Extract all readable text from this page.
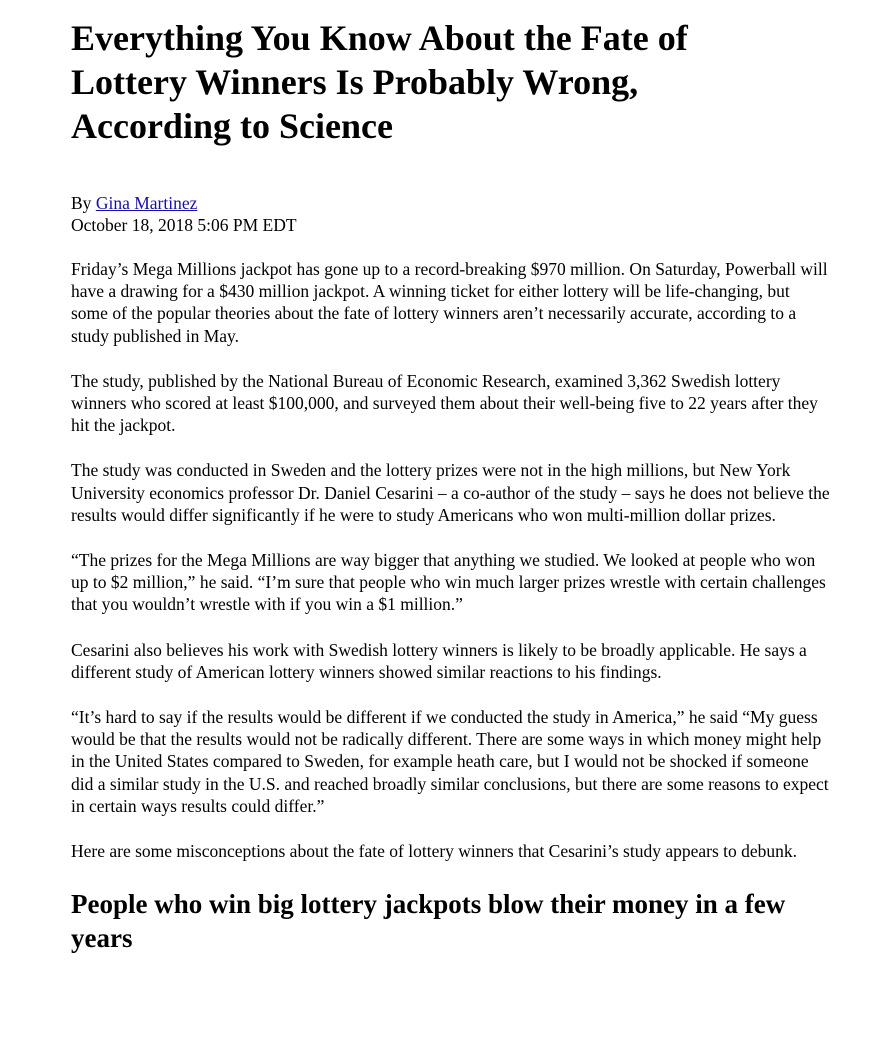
Everything You Know About the Fate of Lottery Winners Is Probably Wrong, According to Science
By Gina Martinez
October 18, 2018 5:06 PM EDT

Friday’s Mega Millions jackpot has gone up to a record-breaking $970 million. On Saturday, Powerball will have a drawing for a $430 million jackpot. A winning ticket for either lottery will be life-changing, but some of the popular theories about the fate of lottery winners aren’t necessarily accurate, according to a study published in May.

The study, published by the National Bureau of Economic Research, examined 3,362 Swedish lottery winners who scored at least $100,000, and surveyed them about their well-being five to 22 years after they hit the jackpot.

The study was conducted in Sweden and the lottery prizes were not in the high millions, but New York University economics professor Dr. Daniel Cesarini – a co-author of the study – says he does not believe the results would differ significantly if he were to study Americans who won multi-million dollar prizes.

“The prizes for the Mega Millions are way bigger that anything we studied. We looked at people who won up to $2 million,” he said. “I’m sure that people who win much larger prizes wrestle with certain challenges that you wouldn’t wrestle with if you win a $1 million.”

Cesarini also believes his work with Swedish lottery winners is likely to be broadly applicable. He says a different study of American lottery winners showed similar reactions to his findings.

“It’s hard to say if the results would be different if we conducted the study in America,” he said “My guess would be that the results would not be radically different. There are some ways in which money might help in the United States compared to Sweden, for example heath care, but I would not be shocked if someone did a similar study in the U.S. and reached broadly similar conclusions, but there are some reasons to expect in certain ways results could differ.”

Here are some misconceptions about the fate of lottery winners that Cesarini’s study appears to debunk.

People who win big lottery jackpots blow their money in a few years
